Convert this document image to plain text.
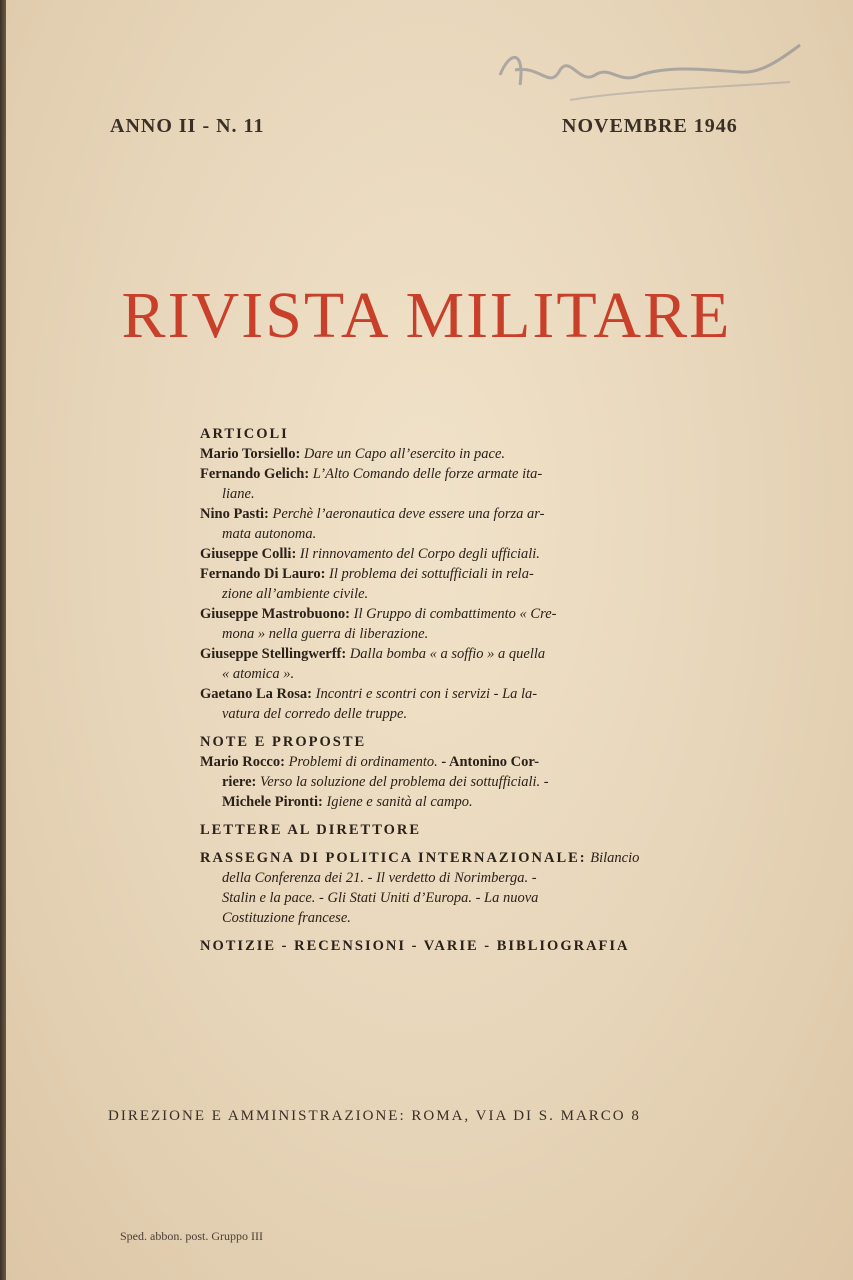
ANNO II - N. 11	NOVEMBRE 1946
RIVISTA MILITARE
ARTICOLI
Mario Torsiello: Dare un Capo all’esercito in pace.
Fernando Gelich: L’Alto Comando delle forze armate ita-
liane.
Nino Pasti: Perchè l’aeronautica deve essere una forza ar-
mata autonoma.
Giuseppe Colli: Il rinnovamento del Corpo degli ufficiali.
Fernando Di Lauro: Il problema dei sottufficiali in rela-
zione all’ambiente civile.
Giuseppe Mastrobuono: Il Gruppo di combattimento « Cre-
mona » nella guerra di liberazione.
Giuseppe Stellingwerff: Dalla bomba « a soffio » a quella
« atomica ».
Gaetano La Rosa: Incontri e scontri con i servizi - La la-
vatura del corredo delle truppe.
NOTE E PROPOSTE
Mario Rocco: Problemi di ordinamento. - Antonino Cor-
riere: Verso la soluzione del problema dei sottufficiali. -
Michele Pironti: Igiene e sanità al campo.
LETTERE AL DIRETTORE
RASSEGNA DI POLITICA INTERNAZIONALE: Bilancio
della Conferenza dei 21. - Il verdetto di Norimberga. -
Stalin e la pace. - Gli Stati Uniti d’Europa. - La nuova
Costituzione francese.
NOTIZIE - RECENSIONI - VARIE - BIBLIOGRAFIA
DIREZIONE E AMMINISTRAZIONE: ROMA, VIA DI S. MARCO 8
Sped. abbon. post. Gruppo III
